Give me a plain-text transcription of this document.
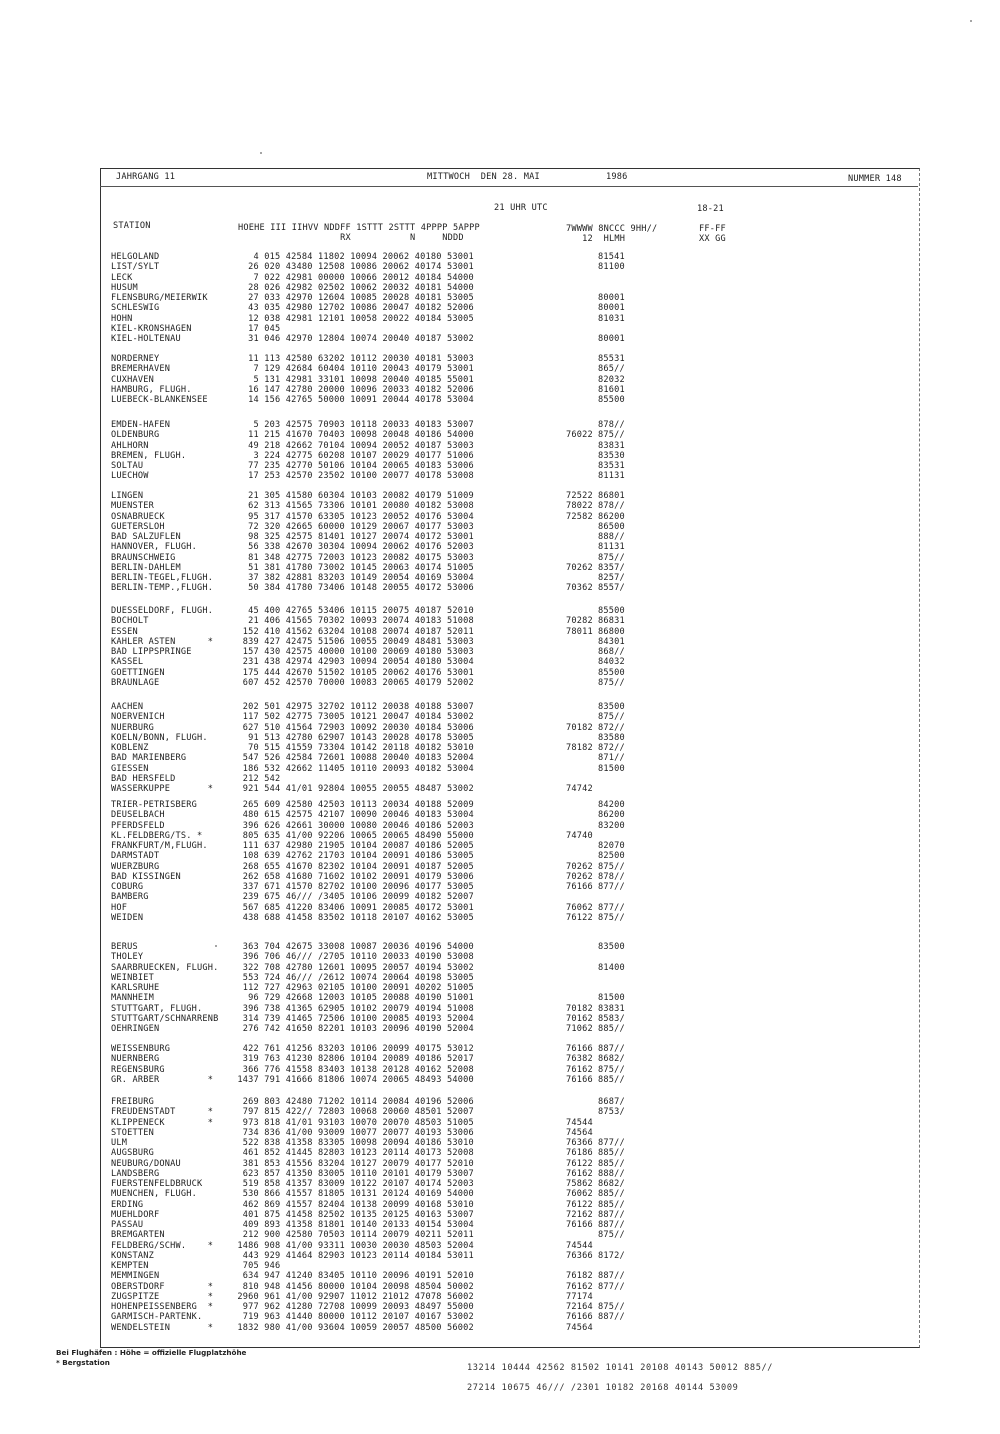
JAHRGANG 11	MITTWOCH  DEN 28. MAI	1986	NUMMER 148
21 UHR UTC	18-21
STATION	HOEHE III IIHVV NDDFF 1STTT 2STTT 4PPPP 5APPP
RX           N     NDDD
7WWWW 8NCCC 9HH//
12  HLMH
FF-FF
XX GG
HELGOLAND	4 015 42584 11802 10094 20062 40180 53001	81541
LIST/SYLT	26 020 43480 12508 10086 20062 40174 53001	81100
LECK	7 022 42981 00000 10066 20012 40184 54000
HUSUM	28 026 42982 02502 10062 20032 40181 54000
FLENSBURG/MEIERWIK	27 033 42970 12604 10085 20028 40181 53005	80001
SCHLESWIG	43 035 42980 12702 10086 20047 40182 52006	80001
HOHN	12 038 42981 12101 10058 20022 40184 53005	81031
KIEL-KRONSHAGEN	17 045
KIEL-HOLTENAU	31 046 42970 12804 10074 20040 40187 53002	80001
NORDERNEY	11 113 42580 63202 10112 20030 40181 53003	85531
BREMERHAVEN	7 129 42684 60404 10110 20043 40179 53001	865//
CUXHAVEN	5 131 42981 33101 10098 20040 40185 55001	82032
HAMBURG, FLUGH.	16 147 42780 20000 10096 20033 40182 52006	81601
LUEBECK-BLANKENSEE	14 156 42765 50000 10091 20044 40178 53004	85500
EMDEN-HAFEN	5 203 42575 70903 10118 20033 40183 53007	878//
OLDENBURG	11 215 41670 70403 10098 20048 40186 54000	76022 875//
AHLHORN	49 218 42662 70104 10094 20052 40187 53003	83831
BREMEN, FLUGH.	3 224 42775 60208 10107 20029 40177 51006	83530
SOLTAU	77 235 42770 50106 10104 20065 40183 53006	83531
LUECHOW	17 253 42570 23502 10100 20077 40178 53008	81131
LINGEN	21 305 41580 60304 10103 20082 40179 51009	72522 86801
MUENSTER	62 313 41565 73306 10101 20080 40182 53008	78022 878//
OSNABRUECK	95 317 41570 63305 10123 20052 40176 53004	72582 86200
GUETERSLOH	72 320 42665 60000 10129 20067 40177 53003	86500
BAD SALZUFLEN	98 325 42575 81401 10127 20074 40172 53001	888//
HANNOVER, FLUGH.	56 338 42670 30304 10094 20062 40176 52003	81131
BRAUNSCHWEIG	81 348 42775 72003 10123 20082 40175 53003	875//
BERLIN-DAHLEM	51 381 41780 73002 10145 20063 40174 51005	70262 8357/
BERLIN-TEGEL,FLUGH. 37 382 42881 83203 10149 20054 40169 53004	8257/
BERLIN-TEMP.,FLUGH. 50 384 41780 73406 10148 20055 40172 53006	70362 8557/
DUESSELDORF, FLUGH. 45 400 42765 53406 10115 20075 40187 52010	85500
BOCHOLT	21 406 41565 70302 10093 20074 40183 51008	70282 86831
ESSEN	152 410 41562 63204 10108 20074 40187 52011	78011 86800
KAHLER ASTEN      * 839 427 42475 51506 10055 20049 48481 53003	84301
BAD LIPPSPRINGE	157 430 42575 40000 10100 20069 40180 53003	868//
KASSEL	231 438 42974 42903 10094 20054 40180 53004	84032
GOETTINGEN	175 444 42670 51502 10105 20062 40176 53001	85500
BRAUNLAGE	607 452 42570 70000 10083 20065 40179 52002	875//
AACHEN	202 501 42975 32702 10112 20038 40188 53007	83500
NOERVENICH	117 502 42775 73005 10121 20047 40184 53002	875//
NUERBURG	627 510 41564 72903 10092 20030 40184 53006	70182 872//
KOELN/BONN, FLUGH.	91 513 42780 62907 10143 20028 40178 53005	83580
KOBLENZ	70 515 41559 73304 10142 20118 40182 53010	78182 872//
BAD MARIENBERG	547 526 42584 72601 10088 20040 40183 52004	871//
GIESSEN	186 532 42662 11405 10110 20093 40182 53004	81500
BAD HERSFELD	212 542
WASSERKUPPE       * 921 544 41/01 92804 10055 20055 48487 53002	74742
TRIER-PETRISBERG	265 609 42580 42503 10113 20034 40188 52009	84200
DEUSELBACH	480 615 42575 42107 10090 20046 40183 53004	86200
PFERDSFELD	396 626 42661 30000 10080 20046 40186 52003	83200
KL.FELDBERG/TS. *	805 635 41/00 92206 10065 20065 48490 55000	74740
FRANKFURT/M,FLUGH.	111 637 42980 21905 10104 20087 40186 52005	82070
DARMSTADT	108 639 42762 21703 10104 20091 40186 53005	82500
WUERZBURG	268 655 41670 82302 10104 20091 40187 52005	70262 875//
BAD KISSINGEN	262 658 41680 71602 10102 20091 40179 53006	70262 878//
COBURG	337 671 41570 82702 10100 20096 40177 53005	76166 877//
BAMBERG	239 675 46/// /3405 10106 20099 40182 52007
HOF	567 685 41220 83406 10091 20085 40172 53001	76062 877//
WEIDEN	438 688 41458 83502 10118 20107 40162 53005	76122 875//
BERUS	363 704 42675 33008 10087 20036 40196 54000	83500
THOLEY	396 706 46/// /2705 10110 20033 40190 53008
SAARBRUECKEN, FLUGH. 322 708 42780 12601 10095 20057 40194 53002	81400
WEINBIET	553 724 46/// /2612 10074 20064 40198 53005
KARLSRUHE	112 727 42963 02105 10100 20091 40202 51005
MANNHEIM	96 729 42668 12003 10105 20088 40190 51001	81500
STUTTGART, FLUGH.	396 738 41365 62905 10102 20079 40194 51008	70182 83831
STUTTGART/SCHNARRENB 314 739 41465 72506 10100 20085 40193 52004	70162 8583/
OEHRINGEN	276 742 41650 82201 10103 20096 40190 52004	71062 885//
WEISSENBURG	422 761 41256 83203 10106 20099 40175 53012	76166 887//
NUERNBERG	319 763 41230 82806 10104 20089 40186 52017	76382 8682/
REGENSBURG	366 776 41558 83403 10138 20128 40162 52008	76162 875//
GR. ARBER         * 1437 791 41666 81806 10074 20065 48493 54000	76166 885//
FREIBURG	269 803 42480 71202 10114 20084 40196 52006	8687/
FREUDENSTADT      * 797 815 422// 72803 10068 20060 48501 52007	8753/
KLIPPENECK        * 973 818 41/01 93103 10070 20070 48503 51005	74544
STOETTEN	734 836 41/00 93009 10077 20077 40193 53006	74564
ULM	522 838 41358 83305 10098 20094 40186 53010	76366 877//
AUGSBURG	461 852 41445 82803 10123 20114 40173 52008	76186 885//
NEUBURG/DONAU	381 853 41556 83204 10127 20079 40177 52010	76122 885//
LANDSBERG	623 857 41350 83005 10110 20101 40179 53007	76162 888//
FUERSTENFELDBRUCK	519 858 41357 83009 10122 20107 40174 52003	75862 8682/
MUENCHEN, FLUGH.	530 866 41557 81805 10131 20124 40169 54000	76062 885//
ERDING	462 869 41557 82404 10138 20099 40168 53010	76122 885//
MUEHLDORF	401 875 41458 82502 10135 20125 40163 53007	72162 887//
PASSAU	409 893 41358 81801 10140 20133 40154 53004	76166 887//
BREMGARTEN	212 900 42580 70503 10114 20079 40211 52011	875//
FELDBERG/SCHW.    * 1486 908 41/00 93311 10030 20030 48503 52004	74544
KONSTANZ	443 929 41464 82903 10123 20114 40184 53011	76366 8172/
KEMPTEN	705 946
MEMMINGEN	634 947 41240 83405 10110 20096 40191 52010	76182 887//
OBERSTDORF        * 810 948 41456 80000 10104 20098 48504 50002	76162 877//
ZUGSPITZE         * 2960 961 41/00 92907 11012 21012 47078 56002	77174
HOHENPEISSENBERG  * 977 962 41280 72708 10099 20093 48497 55000	72164 875//
GARMISCH-PARTENK.	719 963 41440 80000 10112 20107 40167 53002	76166 887//
WENDELSTEIN       * 1832 980 41/00 93604 10059 20057 48500 56002	74564
Bei Flughäfen : Höhe = offizielle Flugplatzhöhe
* Bergstation
13214 10444 42562 81502 10141 20108 40143 50012 885//
27214 10675 46/// /2301 10182 20168 40144 53009
